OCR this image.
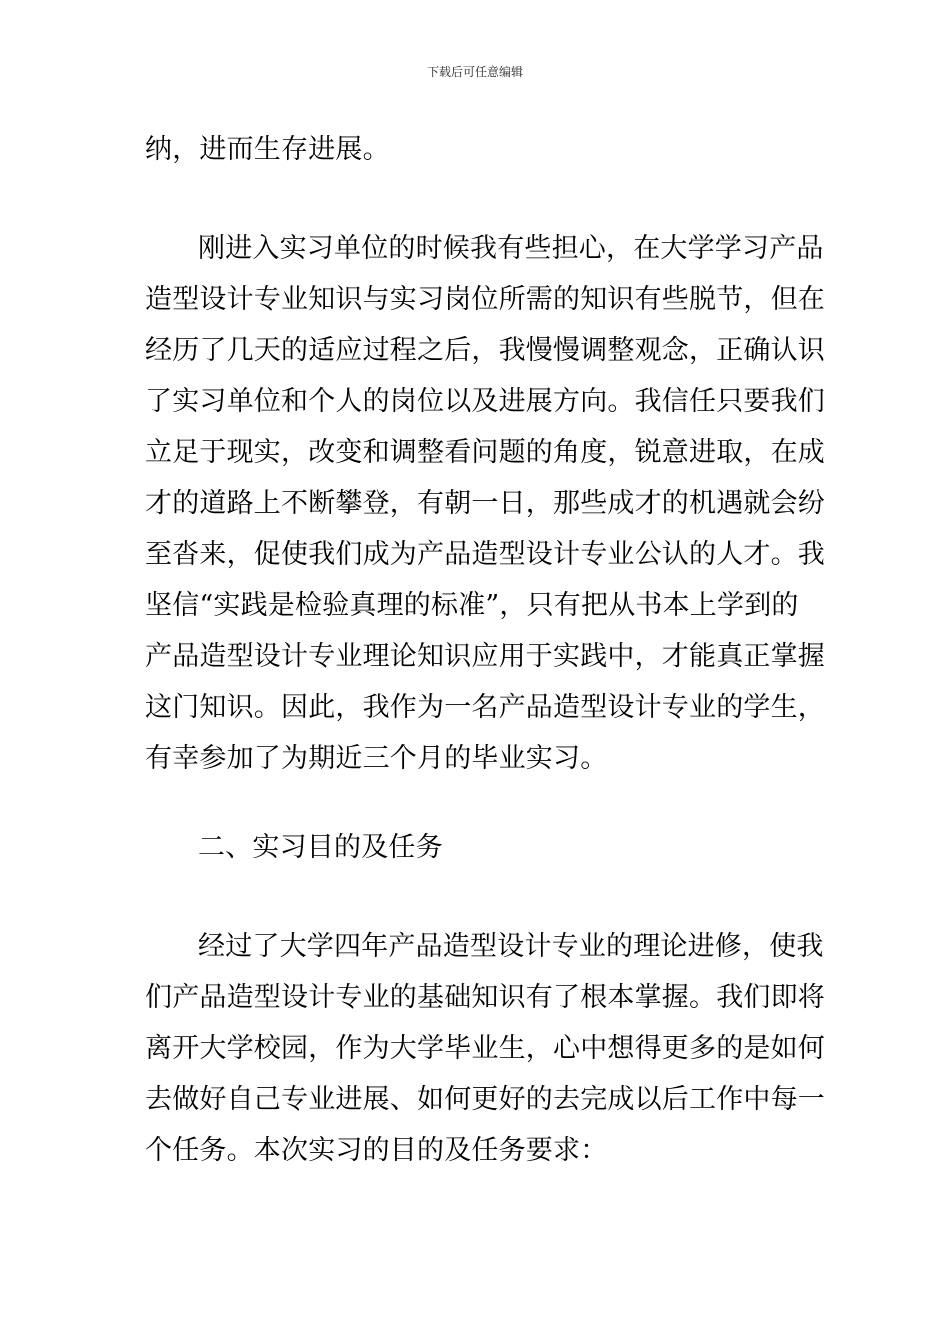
下载后可任意编辑
纳，进而生存进展。
刚进入实习单位的时候我有些担心，在大学学习产品
造型设计专业知识与实习岗位所需的知识有些脱节，但在
经历了几天的适应过程之后，我慢慢调整观念，正确认识
了实习单位和个人的岗位以及进展方向。我信任只要我们
立足于现实，改变和调整看问题的角度，锐意进取，在成
才的道路上不断攀登，有朝一日，那些成才的机遇就会纷
至沓来，促使我们成为产品造型设计专业公认的人才。我
坚信“实践是检验真理的标准”，只有把从书本上学到的
产品造型设计专业理论知识应用于实践中，才能真正掌握
这门知识。因此，我作为一名产品造型设计专业的学生，
有幸参加了为期近三个月的毕业实习。
二、实习目的及任务
经过了大学四年产品造型设计专业的理论进修，使我
们产品造型设计专业的基础知识有了根本掌握。我们即将
离开大学校园，作为大学毕业生，心中想得更多的是如何
去做好自己专业进展、如何更好的去完成以后工作中每一
个任务。本次实习的目的及任务要求：
